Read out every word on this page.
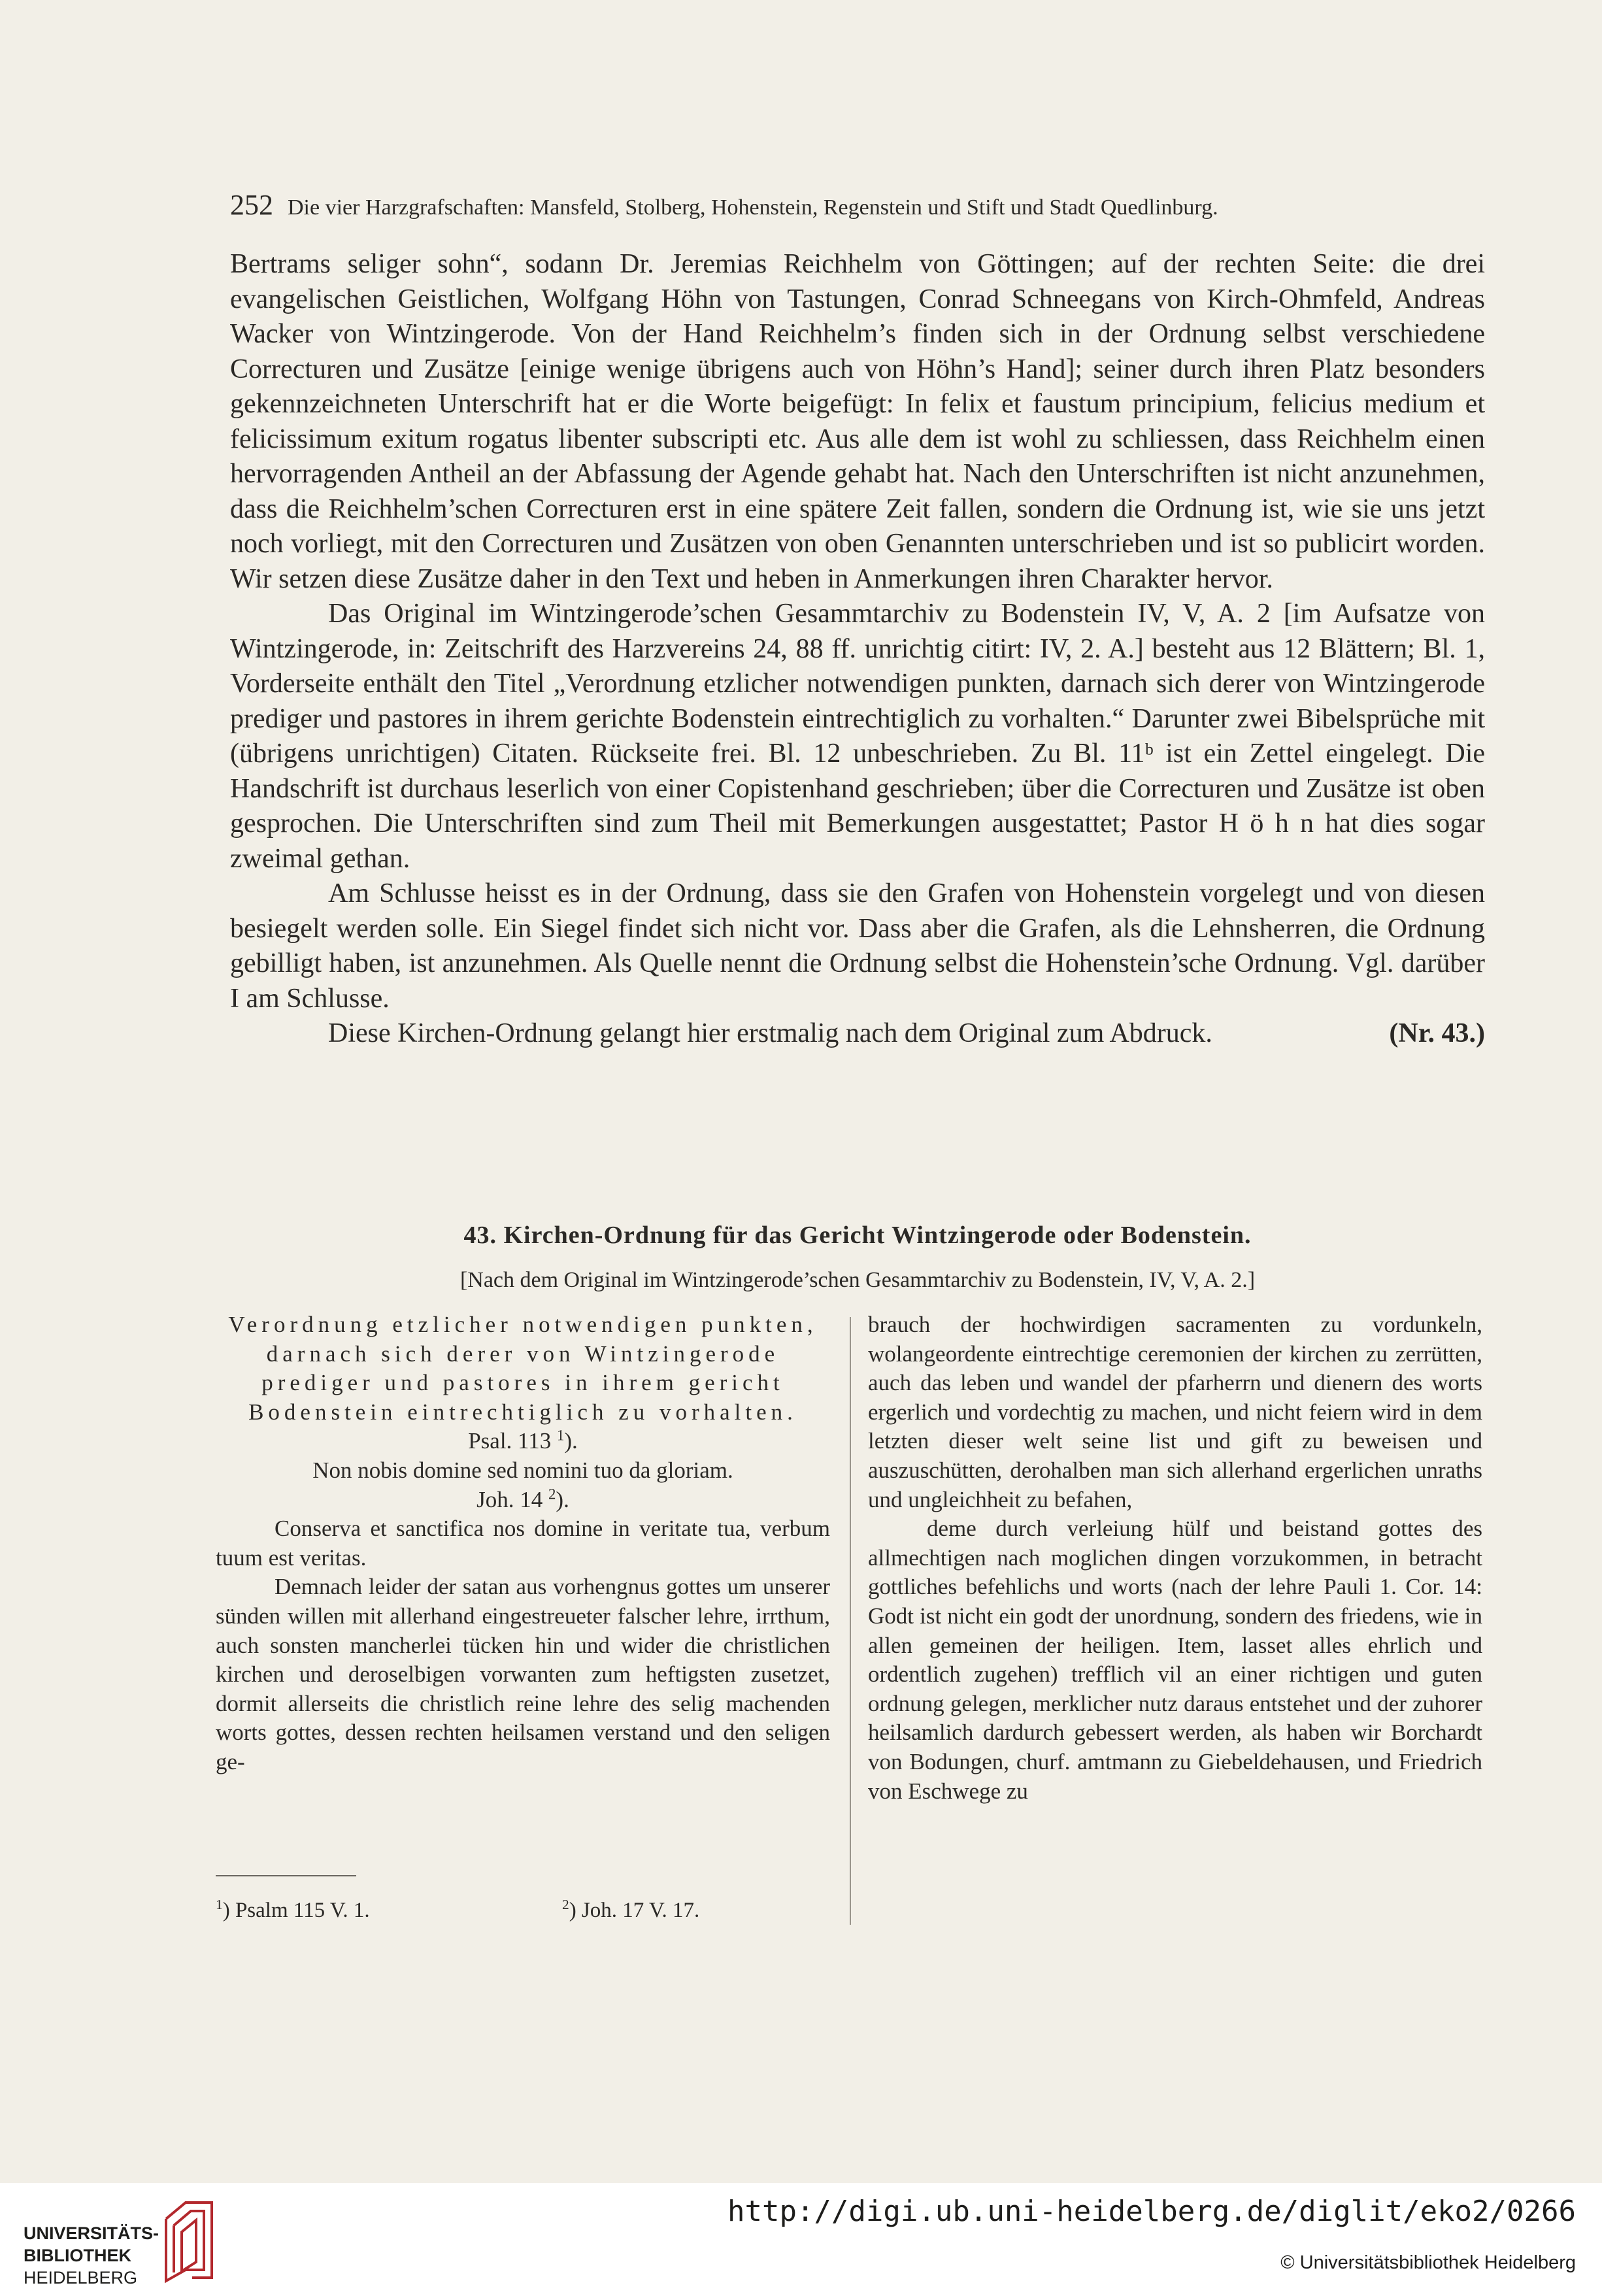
252 Die vier Harzgrafschaften: Mansfeld, Stolberg, Hohenstein, Regenstein und Stift und Stadt Quedlinburg.

Bertrams seliger sohn“, sodann Dr. Jeremias Reichhelm von Göttingen; auf der rechten Seite: die drei evangelischen Geistlichen, Wolfgang Höhn von Tastungen, Conrad Schneegans von Kirch-Ohmfeld, Andreas Wacker von Wintzingerode. Von der Hand Reichhelm’s finden sich in der Ordnung selbst verschiedene Correcturen und Zusätze [einige wenige übrigens auch von Höhn’s Hand]; seiner durch ihren Platz besonders gekennzeichneten Unterschrift hat er die Worte beigefügt: In felix et faustum principium, felicius medium et felicissimum exitum rogatus libenter subscripti etc. Aus alle dem ist wohl zu schliessen, dass Reichhelm einen hervorragenden Antheil an der Abfassung der Agende gehabt hat. Nach den Unterschriften ist nicht anzunehmen, dass die Reichhelm’schen Correcturen erst in eine spätere Zeit fallen, sondern die Ordnung ist, wie sie uns jetzt noch vorliegt, mit den Correcturen und Zusätzen von oben Genannten unterschrieben und ist so publicirt worden. Wir setzen diese Zusätze daher in den Text und heben in Anmerkungen ihren Charakter hervor.

Das Original im Wintzingerode’schen Gesammtarchiv zu Bodenstein IV, V, A. 2 [im Aufsatze von Wintzingerode, in: Zeitschrift des Harzvereins 24, 88 ff. unrichtig citirt: IV, 2. A.] besteht aus 12 Blättern; Bl. 1, Vorderseite enthält den Titel „Verordnung etzlicher notwendigen punkten, darnach sich derer von Wintzingerode prediger und pastores in ihrem gerichte Bodenstein eintrechtiglich zu vorhalten.“ Darunter zwei Bibelsprüche mit (übrigens unrichtigen) Citaten. Rückseite frei. Bl. 12 unbeschrieben. Zu Bl. 11ᵇ ist ein Zettel eingelegt. Die Handschrift ist durchaus leserlich von einer Copistenhand geschrieben; über die Correcturen und Zusätze ist oben gesprochen. Die Unterschriften sind zum Theil mit Bemerkungen ausgestattet; Pastor H ö h n hat dies sogar zweimal gethan.

Am Schlusse heisst es in der Ordnung, dass sie den Grafen von Hohenstein vorgelegt und von diesen besiegelt werden solle. Ein Siegel findet sich nicht vor. Dass aber die Grafen, als die Lehnsherren, die Ordnung gebilligt haben, ist anzunehmen. Als Quelle nennt die Ordnung selbst die Hohenstein’sche Ordnung. Vgl. darüber I am Schlusse.

Diese Kirchen-Ordnung gelangt hier erstmalig nach dem Original zum Abdruck.	(Nr. 43.)

43. Kirchen-Ordnung für das Gericht Wintzingerode oder Bodenstein.
[Nach dem Original im Wintzingerode’schen Gesammtarchiv zu Bodenstein, IV, V, A. 2.]

Verordnung etzlicher notwendigen punkten, darnach sich derer von Wintzingerode prediger und pastores in ihrem gericht Bodenstein eintrechtiglich zu vorhalten.

Psal. 113 $^1$).

Non nobis domine sed nomini tuo da gloriam.

Joh. 14 $^2$).

Conserva et sanctifica nos domine in veritate tua, verbum tuum est veritas.

Demnach leider der satan aus vorhengnus gottes um unserer sünden willen mit allerhand eingestreueter falscher lehre, irrthum, auch sonsten mancherlei tücken hin und wider die christlichen kirchen und deroselbigen vorwanten zum heftigsten zusetzet, dormit allerseits die christlich reine lehre des selig machenden worts gottes, dessen rechten heilsamen verstand und den seligen ge-

$^1$) Psalm 115 V. 1.	$^2$) Joh. 17 V. 17.

brauch der hochwirdigen sacramenten zu vordunkeln, wolangeordente eintrechtige ceremonien der kirchen zu zerrütten, auch das leben und wandel der pfarherrn und dienern des worts ergerlich und vordechtig zu machen, und nicht feiern wird in dem letzten dieser welt seine list und gift zu beweisen und auszuschütten, derohalben man sich allerhand ergerlichen unraths und ungleichheit zu befahen,

deme durch verleiung hülf und beistand gottes des allmechtigen nach moglichen dingen vorzukommen, in betracht gottliches befehlichs und worts (nach der lehre Pauli 1. Cor. 14: Godt ist nicht ein godt der unordnung, sondern des friedens, wie in allen gemeinen der heiligen. Item, lasset alles ehrlich und ordentlich zugehen) trefflich vil an einer richtigen und guten ordnung gelegen, merklicher nutz daraus entstehet und der zuhorer heilsamlich dardurch gebessert werden, als haben wir Borchardt von Bodungen, churf. amtmann zu Giebeldehausen, und Friedrich von Eschwege zu

UNIVERSITÄTS-
BIBLIOTHEK
HEIDELBERG
http://digi.ub.uni-heidelberg.de/diglit/eko2/0266
© Universitätsbibliothek Heidelberg
